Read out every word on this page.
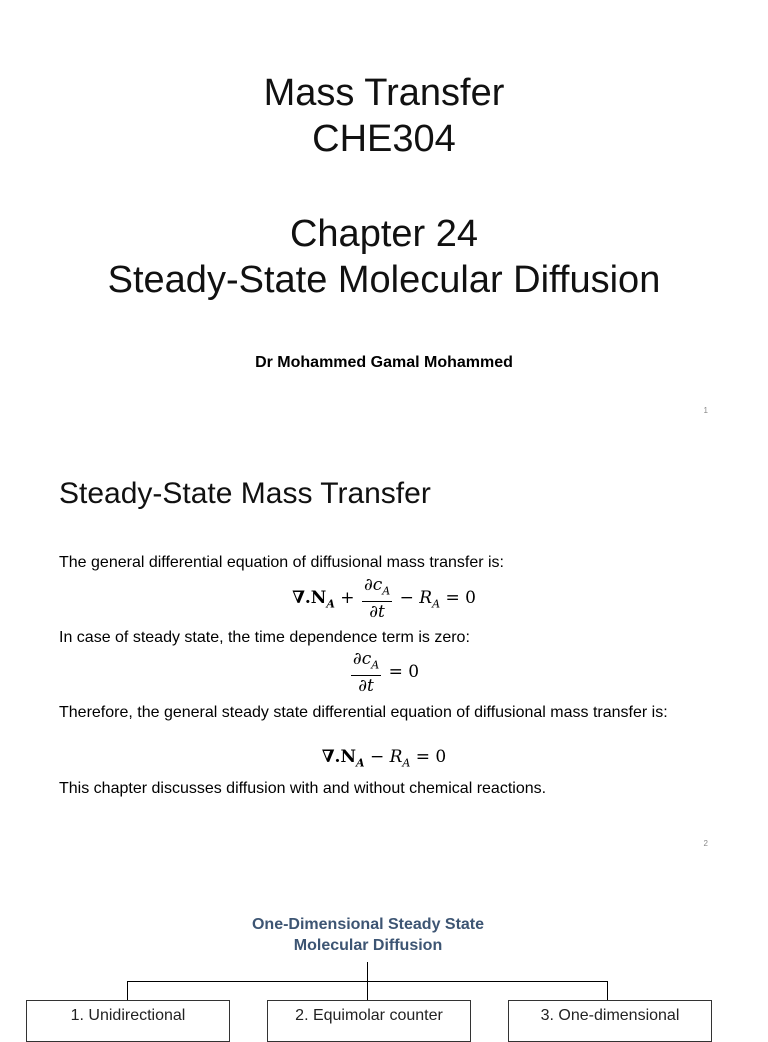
Mass Transfer
CHE304
Chapter 24
Steady-State Molecular Diffusion
Dr Mohammed Gamal Mohammed
1
Steady-State Mass Transfer
The general differential equation of diffusional mass transfer is:
$\nabla.N_A + \frac{\partial c_A}{\partial t} - R_A = 0$
In case of steady state, the time dependence term is zero:
$\frac{\partial c_A}{\partial t} = 0$
Therefore, the general steady state differential equation of diffusional mass transfer is:
$\nabla.N_A - R_A = 0$
This chapter discusses diffusion with and without chemical reactions.
2
One-Dimensional Steady State
Molecular Diffusion
1. Unidirectional	2. Equimolar counter	3. One-dimensional
